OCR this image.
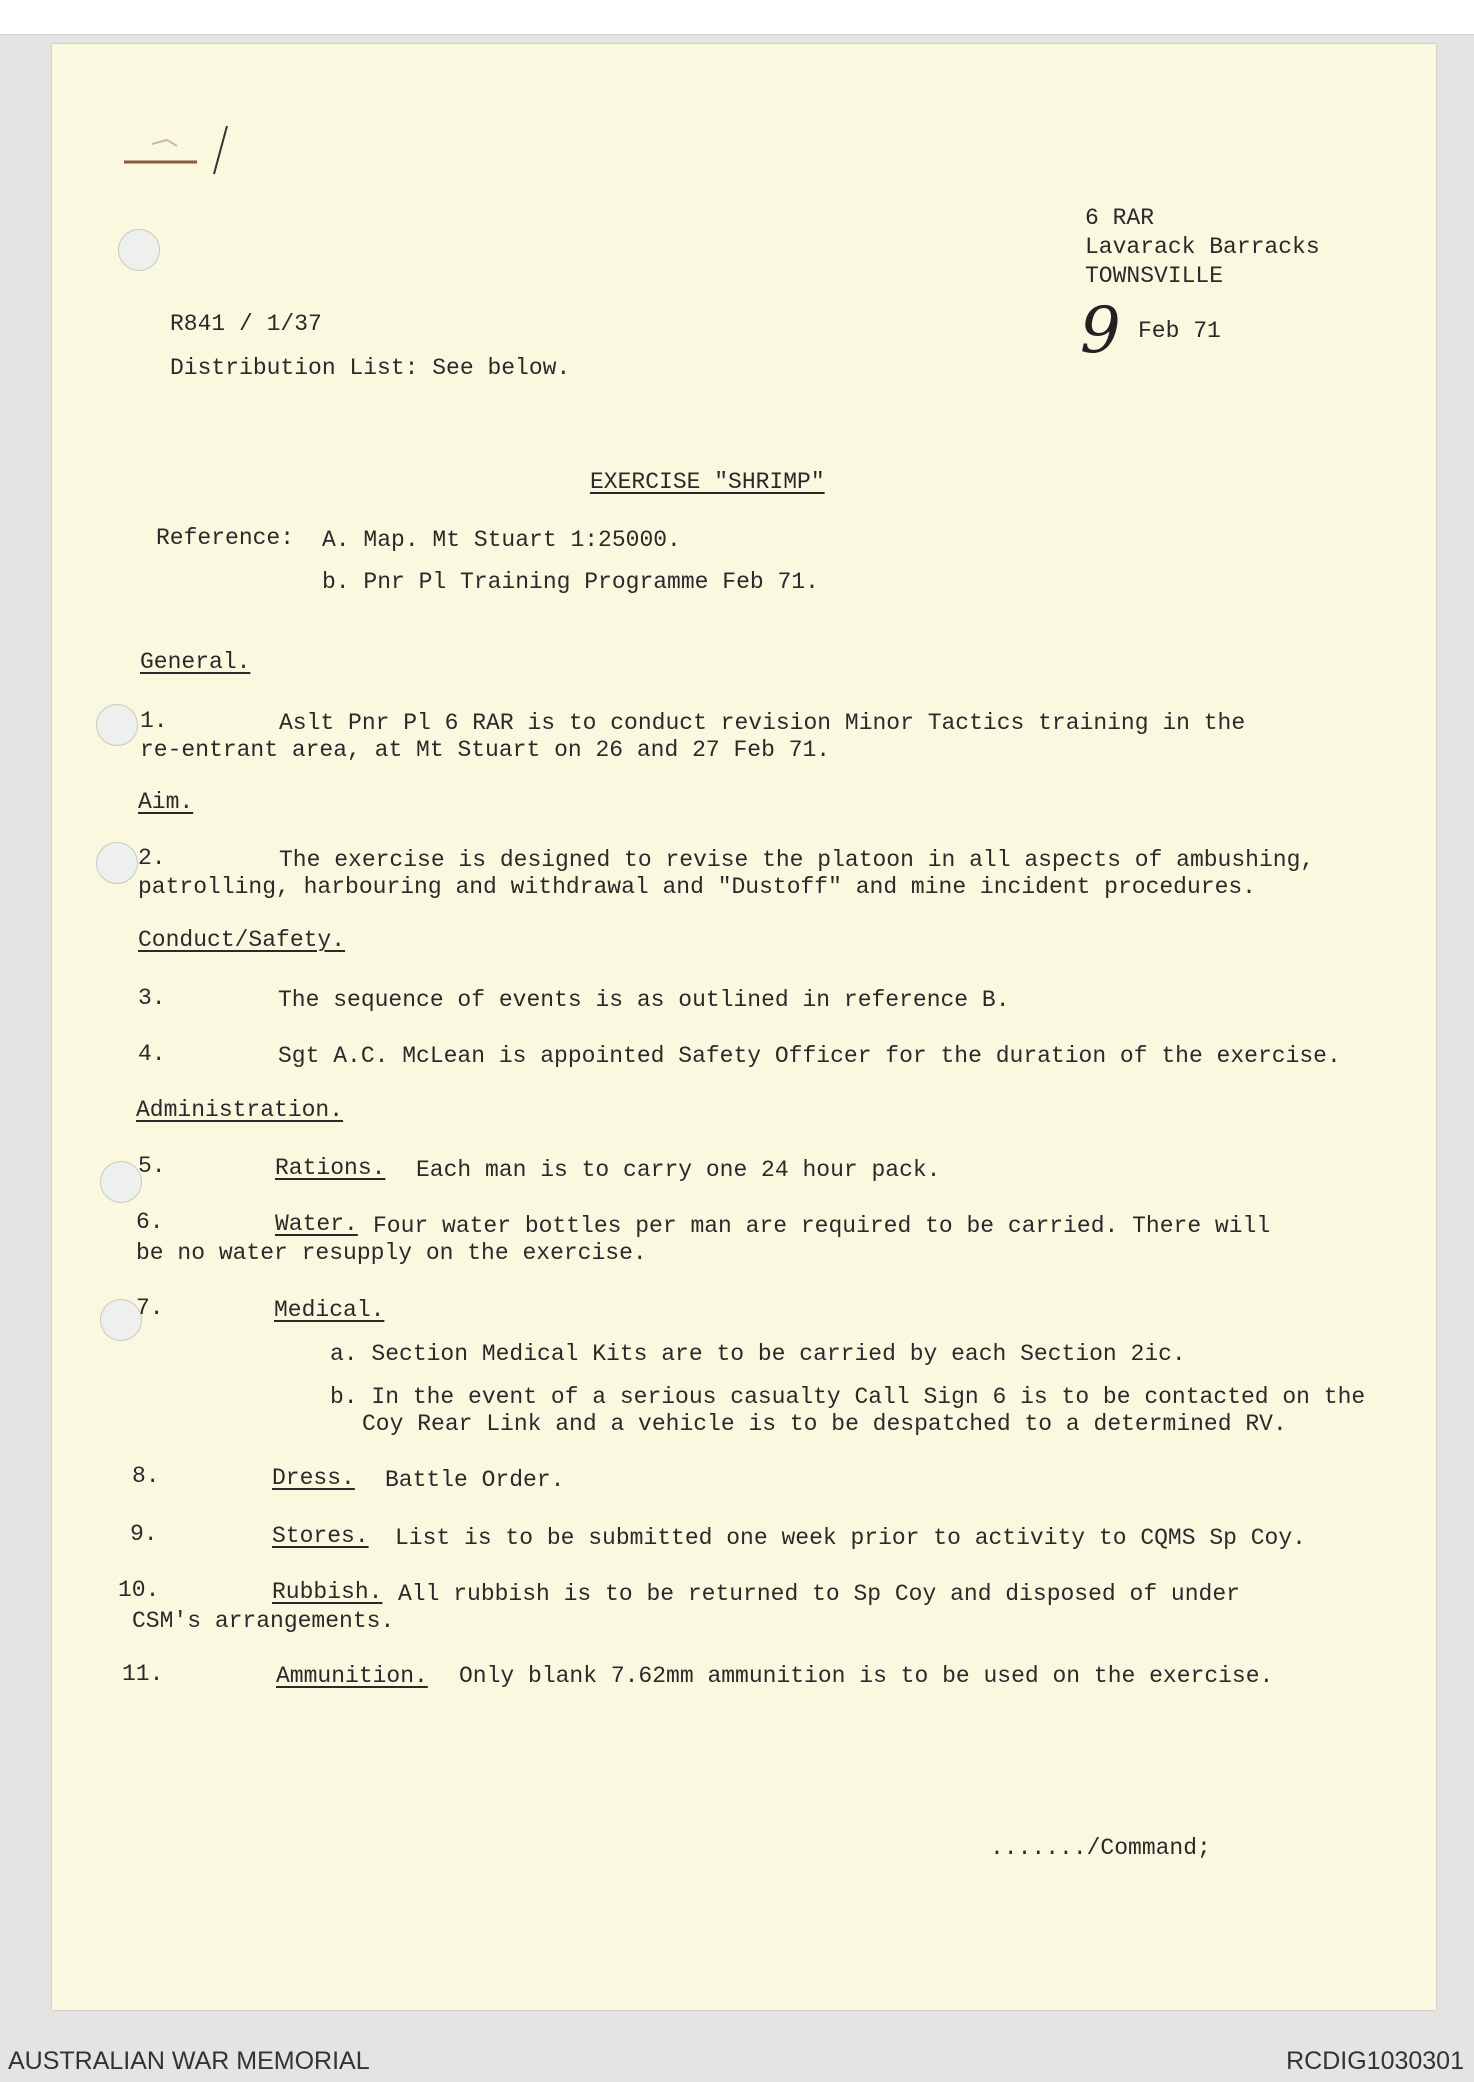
6 RAR
Lavarack Barracks
TOWNSVILLE
R841 / 1/37	9 Feb 71
Distribution List: See below.
EXERCISE "SHRIMP"
Reference: A. Map. Mt Stuart 1:25000.
b. Pnr Pl Training Programme Feb 71.
General.
1.	Aslt Pnr Pl 6 RAR is to conduct revision Minor Tactics training in the
re-entrant area, at Mt Stuart on 26 and 27 Feb 71.
Aim.
2.	The exercise is designed to revise the platoon in all aspects of ambushing,
patrolling, harbouring and withdrawal and "Dustoff" and mine incident procedures.
Conduct/Safety.
3.	The sequence of events is as outlined in reference B.
4.	Sgt A.C. McLean is appointed Safety Officer for the duration of the exercise.
Administration.
5.	Rations. Each man is to carry one 24 hour pack.
6.	Water. Four water bottles per man are required to be carried. There will
be no water resupply on the exercise.
7.	Medical.
a. Section Medical Kits are to be carried by each Section 2ic.
b. In the event of a serious casualty Call Sign 6 is to be contacted on the
Coy Rear Link and a vehicle is to be despatched to a determined RV.
8.	Dress. Battle Order.
9.	Stores. List is to be submitted one week prior to activity to CQMS Sp Coy.
10.	Rubbish. All rubbish is to be returned to Sp Coy and disposed of under
CSM's arrangements.
11.	Ammunition. Only blank 7.62mm ammunition is to be used on the exercise.
......./Command;
AUSTRALIAN WAR MEMORIAL	RCDIG1030301
